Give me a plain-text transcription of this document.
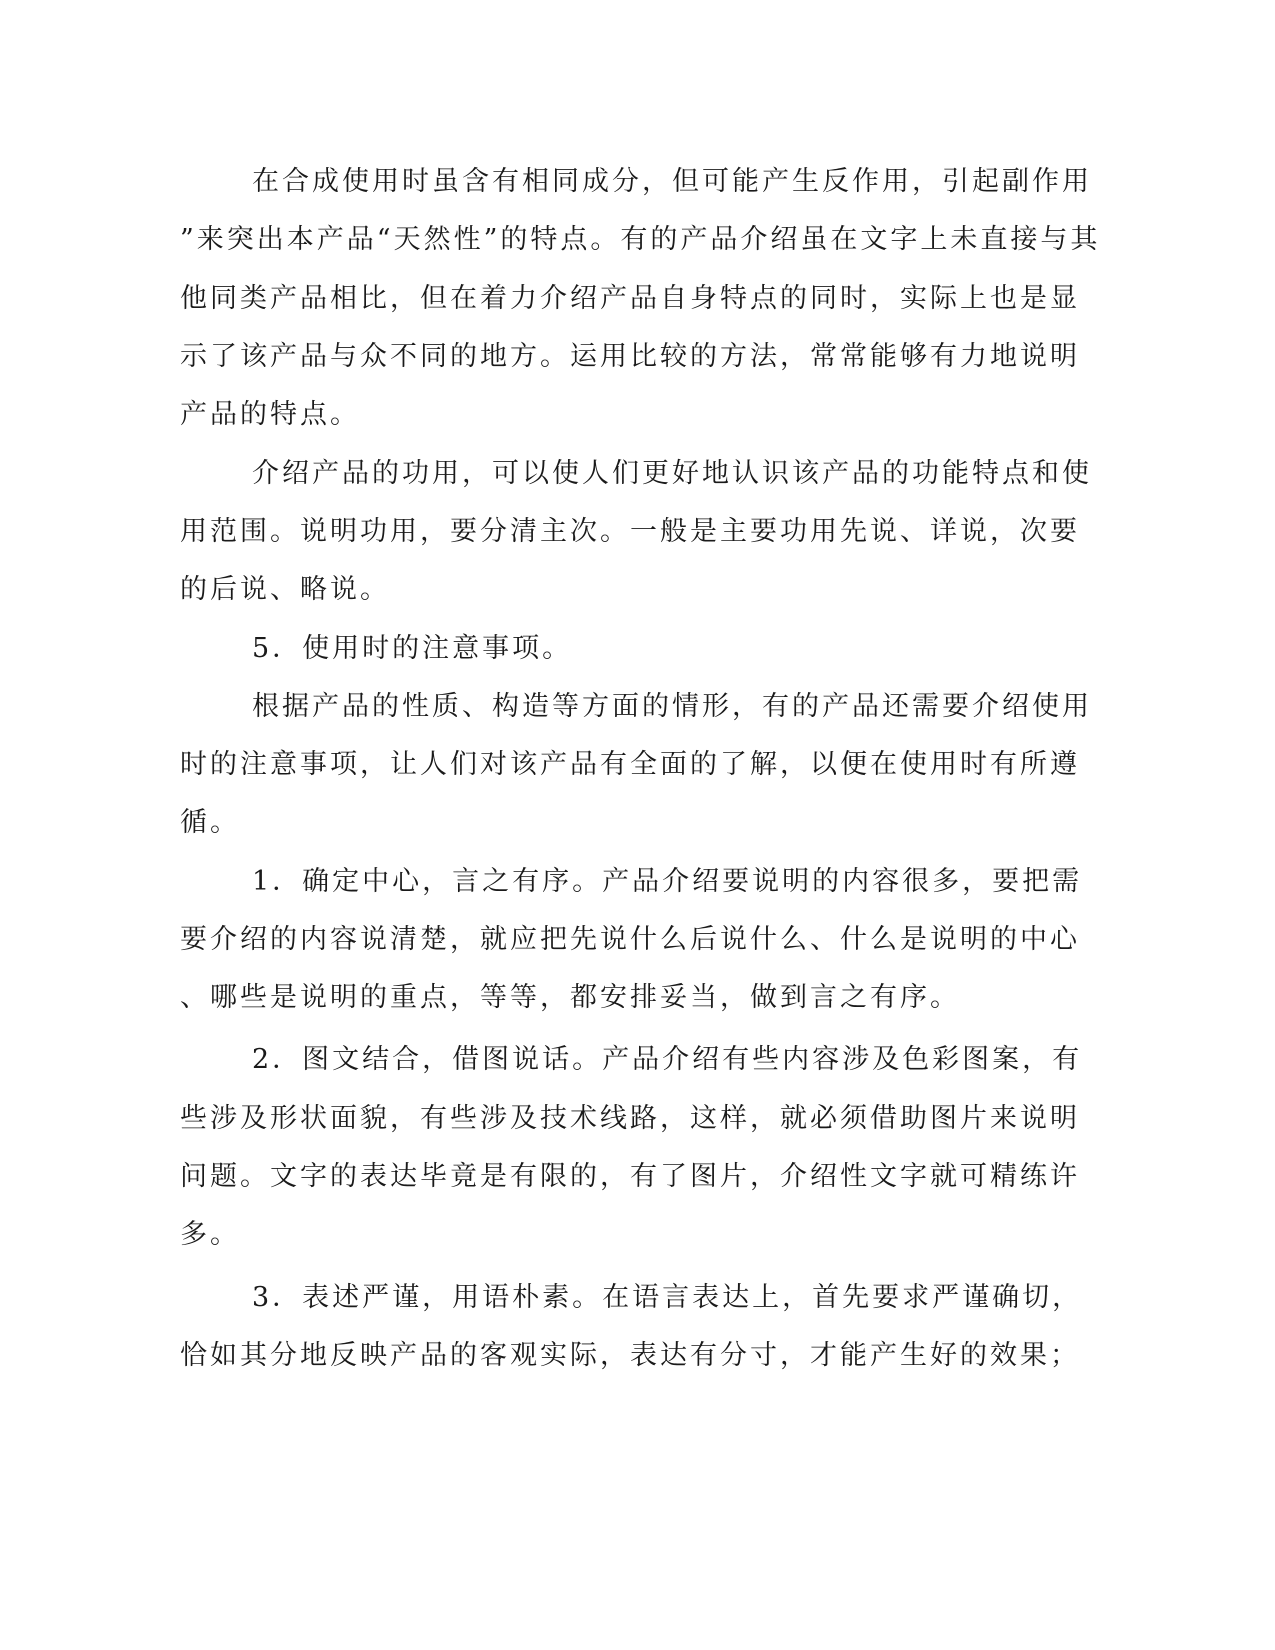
在合成使用时虽含有相同成分，但可能产生反作用，引起副作用
”来突出本产品“天然性”的特点。有的产品介绍虽在文字上未直接与其
他同类产品相比，但在着力介绍产品自身特点的同时，实际上也是显
示了该产品与众不同的地方。运用比较的方法，常常能够有力地说明
产品的特点。
介绍产品的功用，可以使人们更好地认识该产品的功能特点和使
用范围。说明功用，要分清主次。一般是主要功用先说、详说，次要
的后说、略说。
5．使用时的注意事项。
根据产品的性质、构造等方面的情形，有的产品还需要介绍使用
时的注意事项，让人们对该产品有全面的了解，以便在使用时有所遵
循。
1．确定中心，言之有序。产品介绍要说明的内容很多，要把需
要介绍的内容说清楚，就应把先说什么后说什么、什么是说明的中心
、哪些是说明的重点，等等，都安排妥当，做到言之有序。
2．图文结合，借图说话。产品介绍有些内容涉及色彩图案，有
些涉及形状面貌，有些涉及技术线路，这样，就必须借助图片来说明
问题。文字的表达毕竟是有限的，有了图片，介绍性文字就可精练许
多。
3．表述严谨，用语朴素。在语言表达上，首先要求严谨确切，
恰如其分地反映产品的客观实际，表达有分寸，才能产生好的效果；
